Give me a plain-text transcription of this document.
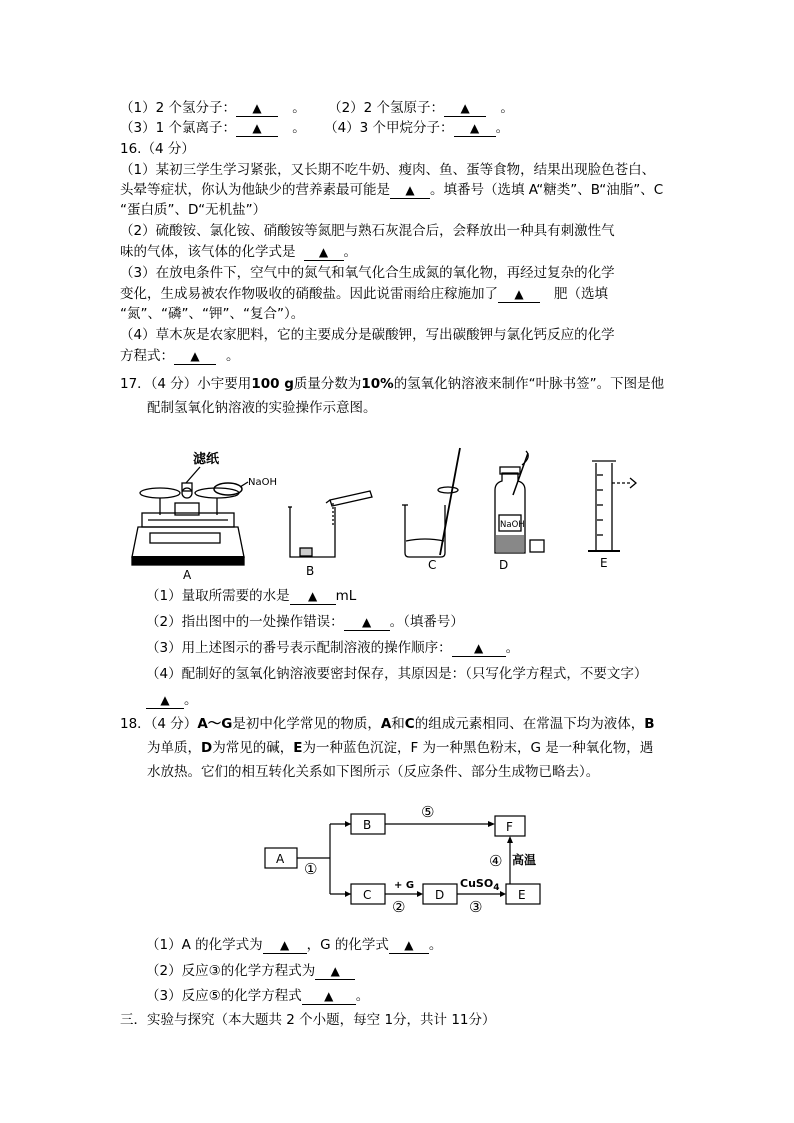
（1）2 个氢分子： ▲ 。 （2）2 个氢原子： ▲ 。
（3）1 个氯离子： ▲ 。 （4）3 个甲烷分子： ▲ 。
16.（4 分）
（1）某初三学生学习紧张，又长期不吃牛奶、瘦肉、鱼、蛋等食物，结果出现脸色苍白、
头晕等症状，你认为他缺少的营养素最可能是 ▲ 。填番号（选填 A“糖类”、B“油脂”、C
“蛋白质”、D“无机盐”）
（2）硫酸铵、氯化铵、硝酸铵等氮肥与熟石灰混合后，会释放出一种具有刺激性气
味的气体，该气体的化学式是 ▲ 。
（3）在放电条件下，空气中的氮气和氧气化合生成氮的氧化物，再经过复杂的化学
变化，生成易被农作物吸收的硝酸盐。因此说雷雨给庄稼施加了 ▲ 肥（选填
“氮”、“磷”、“钾”、“复合”）。
（4）草木灰是农家肥料，它的主要成分是碳酸钾，写出碳酸钾与氯化钙反应的化学
方程式： ▲ 。
17．（4 分）小宇要用100 g质量分数为10%的氢氧化钠溶液来制作“叶脉书签”。下图是他
配制氢氧化钠溶液的实验操作示意图。
滤纸
NaOH
A	B	C
NaOH
D	E
（1）量取所需要的水是 ▲ mL
（2）指出图中的一处操作错误： ▲ 。（填番号）
（3）用上述图示的番号表示配制溶液的操作顺序： ▲ 。
（4）配制好的氢氧化钠溶液要密封保存，其原因是：（只写化学方程式，不要文字）
▲ 。
18．（4 分）A～G是初中化学常见的物质，A和C的组成元素相同、在常温下均为液体，B
为单质，D为常见的碱，E为一种蓝色沉淀，F 为一种黑色粉末，G 是一种氧化物，遇
水放热。它们的相互转化关系如下图所示（反应条件、部分生成物已略去）。
A
B
C	D	E
F
①
②	③
④
⑤
+ G	CuSO$_4$
高温
（1）A 的化学式为 ▲ ，G 的化学式 ▲ 。
（2）反应③的化学方程式为 ▲
（3）反应⑤的化学方程式 ▲ 。
三．实验与探究（本大题共 2 个小题，每空 1分，共计 11分）
